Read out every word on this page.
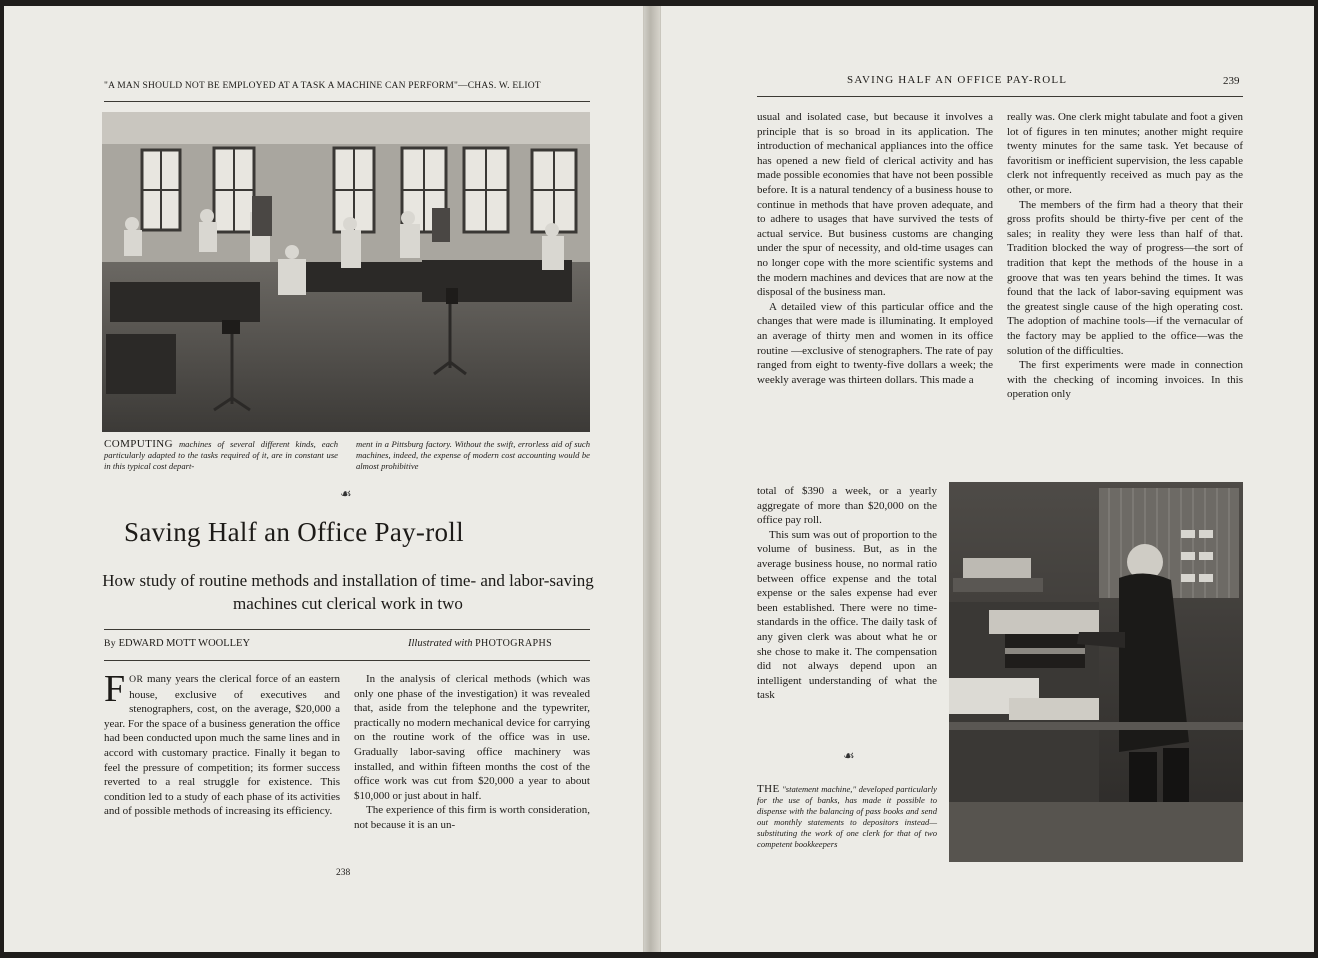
"A MAN SHOULD NOT BE EMPLOYED AT A TASK A MACHINE CAN PERFORM"—CHAS. W. ELIOT
COMPUTING machines of several different kinds, each particularly adapted to the tasks required of it, are in constant use in this typical cost depart-
ment in a Pittsburg factory. Without the swift, errorless aid of such machines, indeed, the expense of modern cost accounting would be almost prohibitive
☙
Saving Half an Office Pay-roll
How study of routine methods and installation of time- and labor-saving machines cut clerical work in two
By EDWARD MOTT WOOLLEY	Illustrated with PHOTOGRAPHS

FOR many years the clerical force of an eastern house, exclusive of executives and stenographers, cost, on the average, $20,000 a year. For the space of a business generation the office had been conducted upon much the same lines and in accord with customary practice. Finally it began to feel the pressure of competition; its former success reverted to a real struggle for existence. This condition led to a study of each phase of its activities and of possible methods of increasing its efficiency.

In the analysis of clerical methods (which was only one phase of the investigation) it was revealed that, aside from the telephone and the typewriter, practically no modern mechanical device for carrying on the routine work of the office was in use. Gradually labor-saving office machinery was installed, and within fifteen months the cost of the office work was cut from $20,000 a year to about $10,000 or just about in half.

The experience of this firm is worth consideration, not because it is an un-

238
SAVING HALF AN OFFICE PAY-ROLL	239

usual and isolated case, but because it involves a principle that is so broad in its application. The introduction of mechanical appliances into the office has opened a new field of clerical activity and has made possible economies that have not been possible before. It is a natural tendency of a business house to continue in methods that have proven adequate, and to adhere to usages that have survived the tests of actual service. But business customs are changing under the spur of necessity, and old-time usages can no longer cope with the more scientific systems and the modern machines and devices that are now at the disposal of the business man.

A detailed view of this particular office and the changes that were made is illuminating. It employed an average of thirty men and women in its office routine —exclusive of stenographers. The rate of pay ranged from eight to twenty-five dollars a week; the weekly average was thirteen dollars. This made a

really was. One clerk might tabulate and foot a given lot of figures in ten minutes; another might require twenty minutes for the same task. Yet because of favoritism or inefficient supervision, the less capable clerk not infrequently received as much pay as the other, or more.

The members of the firm had a theory that their gross profits should be thirty-five per cent of the sales; in reality they were less than half of that. Tradition blocked the way of progress—the sort of tradition that kept the methods of the house in a groove that was ten years behind the times. It was found that the lack of labor-saving equipment was the greatest single cause of the high operating cost. The adoption of machine tools—if the vernacular of the factory may be applied to the office—was the solution of the difficulties.

The first experiments were made in connection with the checking of incoming invoices. In this operation only

total of $390 a week, or a yearly aggregate of more than $20,000 on the office pay roll.

This sum was out of proportion to the volume of business. But, as in the average business house, no normal ratio between office expense and the total expense or the sales expense had ever been established. There were no time-standards in the office. The daily task of any given clerk was about what he or she chose to make it. The compensation did not always depend upon an intelligent understanding of what the task

☙
THE "statement machine," developed particularly for the use of banks, has made it possible to dispense with the balancing of pass books and send out monthly statements to depositors instead—substituting the work of one clerk for that of two competent bookkeepers
